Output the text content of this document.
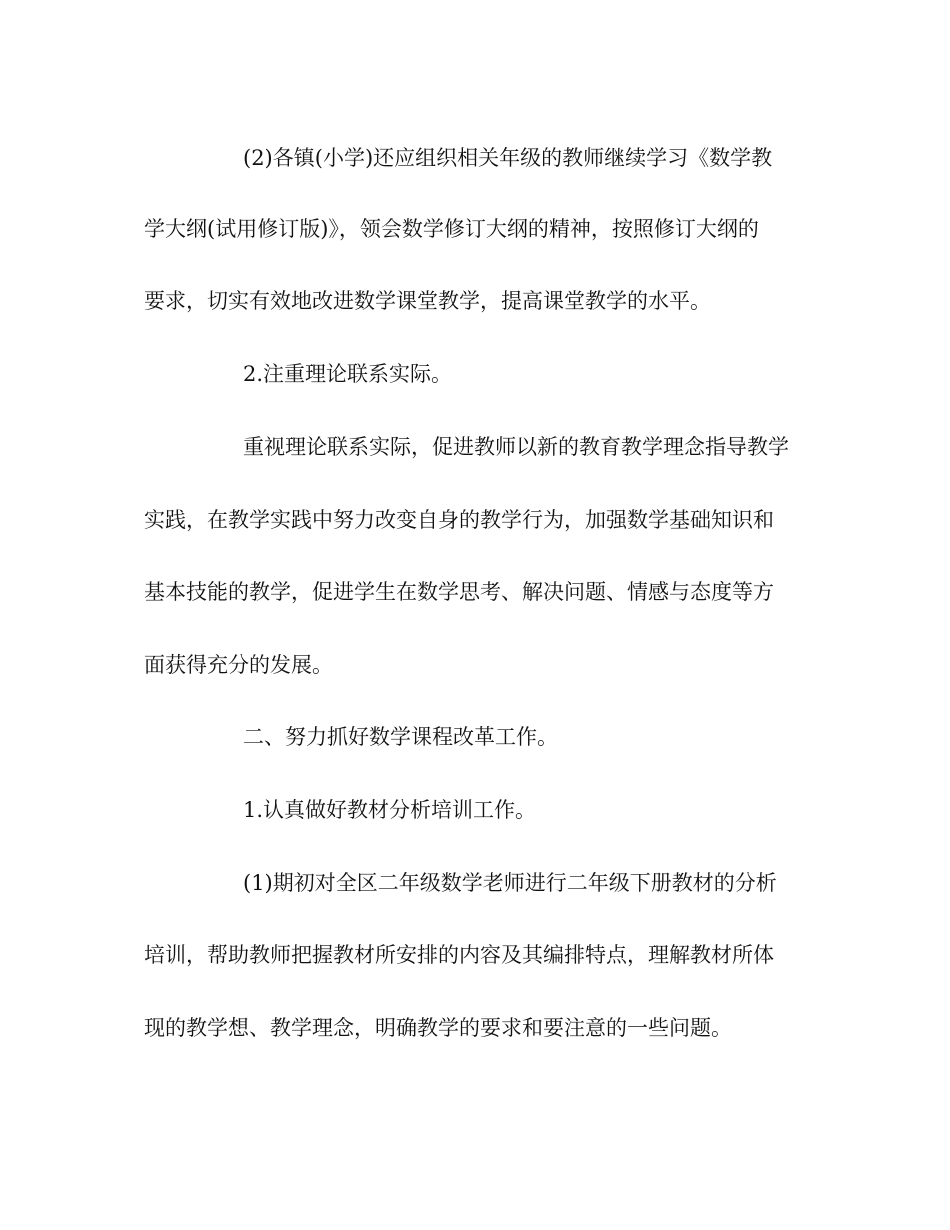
(2)各镇(小学)还应组织相关年级的教师继续学习《数学教
学大纲(试用修订版)》，领会数学修订大纲的精神，按照修订大纲的
要求，切实有效地改进数学课堂教学，提高课堂教学的水平。
2.注重理论联系实际。
重视理论联系实际，促进教师以新的教育教学理念指导教学
实践，在教学实践中努力改变自身的教学行为，加强数学基础知识和
基本技能的教学，促进学生在数学思考、解决问题、情感与态度等方
面获得充分的发展。
二、努力抓好数学课程改革工作。
1.认真做好教材分析培训工作。
(1)期初对全区二年级数学老师进行二年级下册教材的分析
培训，帮助教师把握教材所安排的内容及其编排特点，理解教材所体
现的教学想、教学理念，明确教学的要求和要注意的一些问题。
